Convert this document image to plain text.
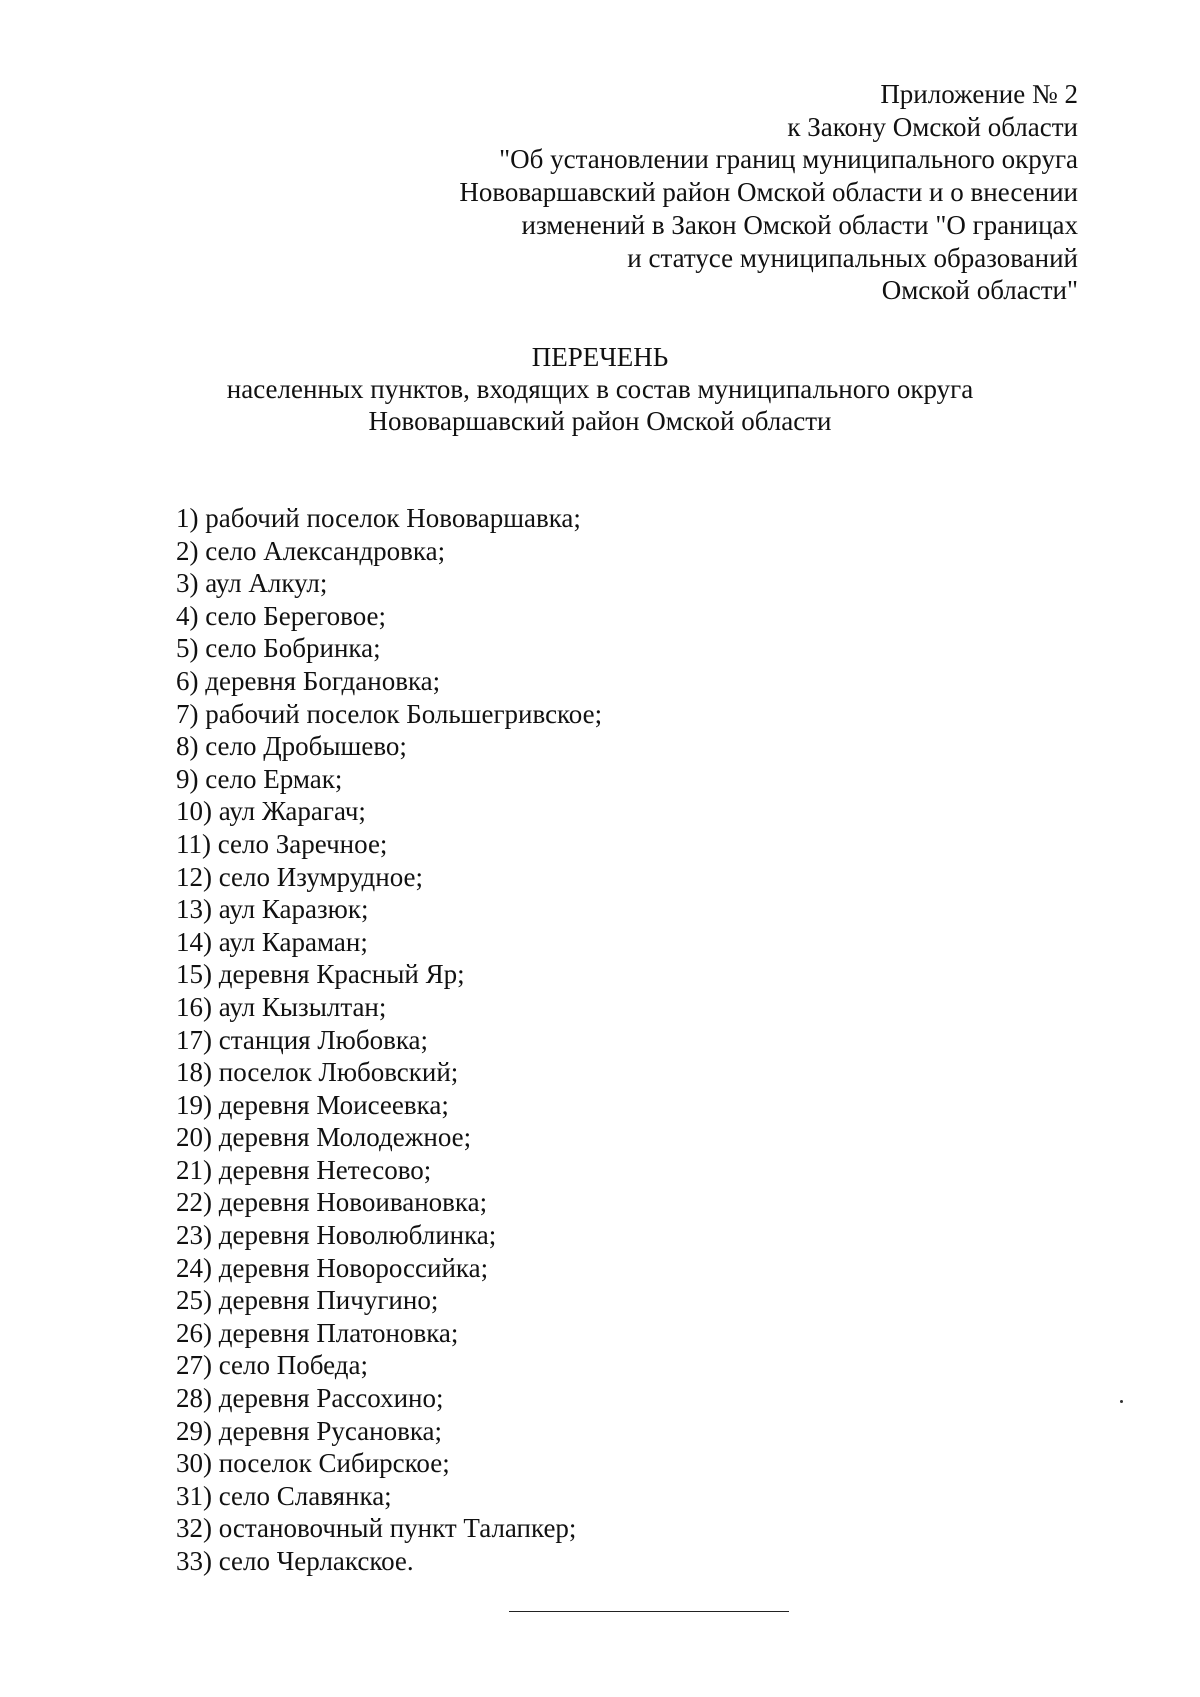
Приложение № 2
к Закону Омской области
"Об установлении границ муниципального округа
Нововаршавский район Омской области и о внесении
изменений в Закон Омской области "О границах
и статусе муниципальных образований
Омской области"
ПЕРЕЧЕНЬ
населенных пунктов, входящих в состав муниципального округа
Нововаршавский район Омской области
1) рабочий поселок Нововаршавка;
2) село Александровка;
3) аул Алкул;
4) село Береговое;
5) село Бобринка;
6) деревня Богдановка;
7) рабочий поселок Большегривское;
8) село Дробышево;
9) село Ермак;
10) аул Жарагач;
11) село Заречное;
12) село Изумрудное;
13) аул Каразюк;
14) аул Караман;
15) деревня Красный Яр;
16) аул Кызылтан;
17) станция Любовка;
18) поселок Любовский;
19) деревня Моисеевка;
20) деревня Молодежное;
21) деревня Нетесово;
22) деревня Новоивановка;
23) деревня Новолюблинка;
24) деревня Новороссийка;
25) деревня Пичугино;
26) деревня Платоновка;
27) село Победа;
28) деревня Рассохино;
29) деревня Русановка;
30) поселок Сибирское;
31) село Славянка;
32) остановочный пункт Талапкер;
33) село Черлакское.
